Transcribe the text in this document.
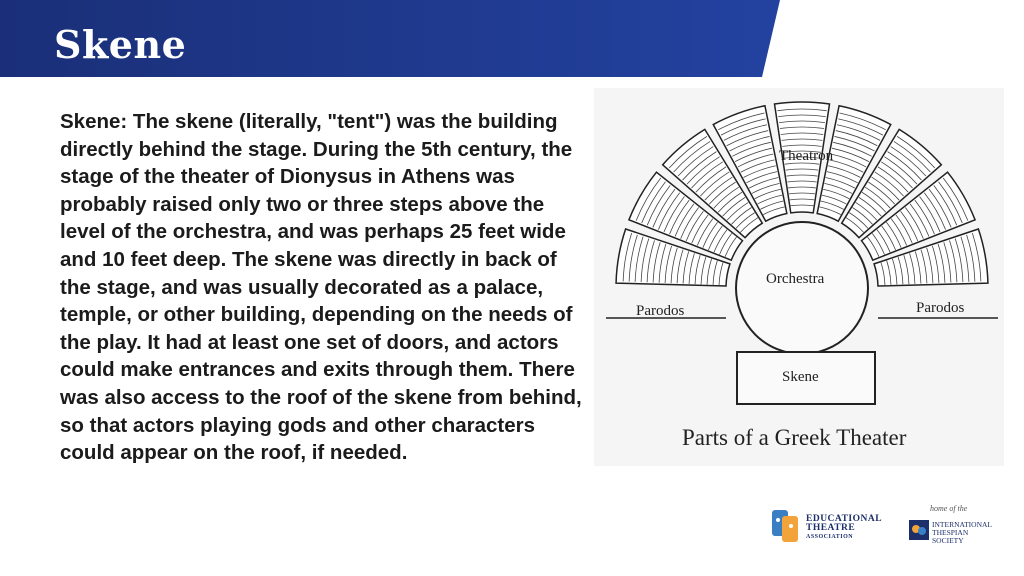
Skene
Skene: The skene (literally, "tent") was the building directly behind the stage. During the 5th century, the stage of the theater of Dionysus in Athens was probably raised only two or three steps above the level of the orchestra, and was perhaps 25 feet wide and 10 feet deep. The skene was directly in back of the stage, and was usually decorated as a palace, temple, or other building, depending on the needs of the play. It had at least one set of doors, and actors could make entrances and exits through them. There was also access to the roof of the skene from behind, so that actors playing gods and other characters could appear on the roof, if needed.
Theatron
Orchestra
Parodos	Parodos
Skene
Parts of a Greek Theater
EDUCATIONAL
THEATRE
ASSOCIATION
home of the
INTERNATIONAL
THESPIAN SOCIETY
